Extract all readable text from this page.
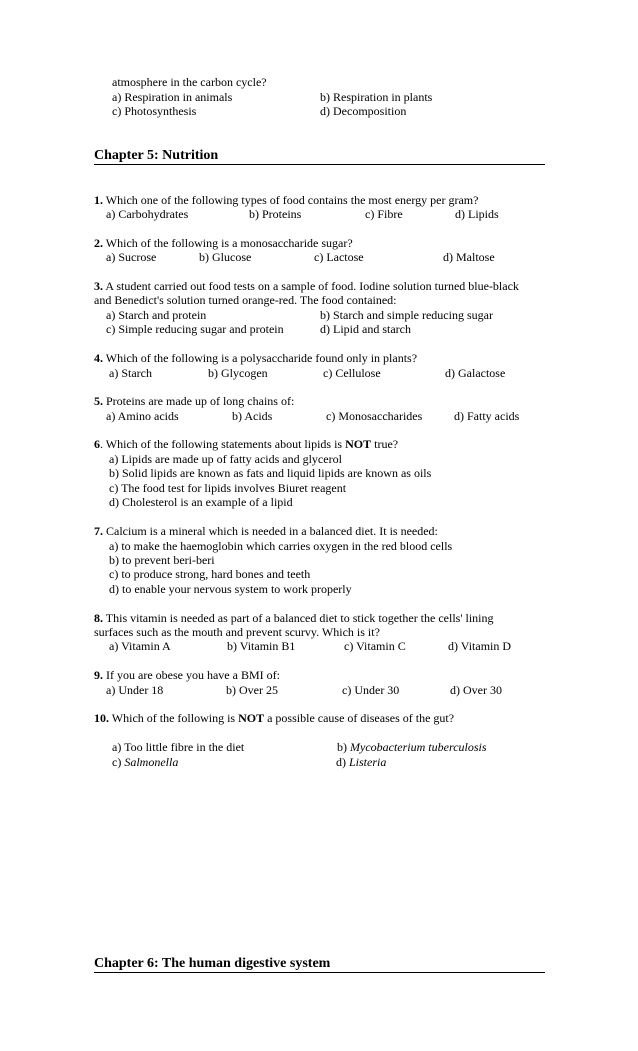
atmosphere in the carbon cycle?
a) Respiration in animals	b) Respiration in plants
c) Photosynthesis	d) Decomposition
Chapter 5: Nutrition
1. Which one of the following types of food contains the most energy per gram?
a) Carbohydrates	b) Proteins	c) Fibre	d) Lipids
2. Which of the following is a monosaccharide sugar?
a) Sucrose	b) Glucose	c) Lactose	d) Maltose
3. A student carried out food tests on a sample of food. Iodine solution turned blue-black
and Benedict's solution turned orange-red. The food contained:
a) Starch and protein	b) Starch and simple reducing sugar
c) Simple reducing sugar and protein	d) Lipid and starch
4. Which of the following is a polysaccharide found only in plants?
a) Starch	b) Glycogen	c) Cellulose	d) Galactose
5. Proteins are made up of long chains of:
a) Amino acids	b) Acids	c) Monosaccharides	d) Fatty acids
6. Which of the following statements about lipids is NOT true?
a) Lipids are made up of fatty acids and glycerol
b) Solid lipids are known as fats and liquid lipids are known as oils
c) The food test for lipids involves Biuret reagent
d) Cholesterol is an example of a lipid
7. Calcium is a mineral which is needed in a balanced diet. It is needed:
a) to make the haemoglobin which carries oxygen in the red blood cells
b) to prevent beri-beri
c) to produce strong, hard bones and teeth
d) to enable your nervous system to work properly
8. This vitamin is needed as part of a balanced diet to stick together the cells' lining
surfaces such as the mouth and prevent scurvy. Which is it?
a) Vitamin A	b) Vitamin B1	c) Vitamin C	d) Vitamin D
9. If you are obese you have a BMI of:
a) Under 18	b) Over 25	c) Under 30	d) Over 30
10. Which of the following is NOT a possible cause of diseases of the gut?
a) Too little fibre in the diet	b) Mycobacterium tuberculosis
c) Salmonella	d) Listeria
Chapter 6: The human digestive system
